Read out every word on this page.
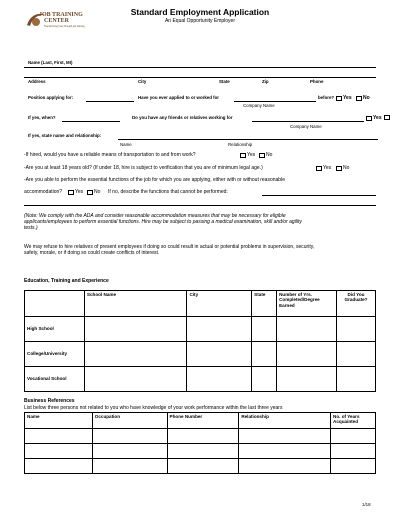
JOB TRAINING
CENTER
Transforming lives through job training
Standard Employment Application
An Equal Opportunity Employer
Name (Last, First, MI)
Address	City	State	Zip	Phone
Position applying for:	Have you ever applied to or worked for
Company Name
before? Yes No
If yes, when?	Do you have any friends or relatives working for	Yes
Company Name
If yes, state name and relationship:
Name	Relationship
-If hired, would you have a reliable means of transportation to and from work?	Yes No
-Are you at least 18 years old? (If under 18, hire is subject to verification that you are of minimum legal age.)	Yes No
-Are you able to perform the essential functions of the job for which you are applying, either with or without reasonable
accommodation?	Yes No If no, describe the functions that cannot be performed:
(Note: We comply with the ADA and consider reasonable accommodation measures that may be necessary for eligible
applicants/employees to perform essential functions. Hire may be subject to passing a medical examination, skill and/or agility
tests.)
We may refuse to hire relatives of present employees if doing so could result in actual or potential problems in supervision, security,
safety, morale, or if doing so could create conflicts of interest.
Education, Training and Experience
	School Name	City	State	Number of Yrs. Completed/Degree Earned	Did You Graduate?
High School					
College/University					
Vocational School					
Business References
List below three persons not related to you who have knowledge of your work performance within the last three years
Name	Occupation	Phone Number	Relationship	No. of Years Acquainted

1/18
